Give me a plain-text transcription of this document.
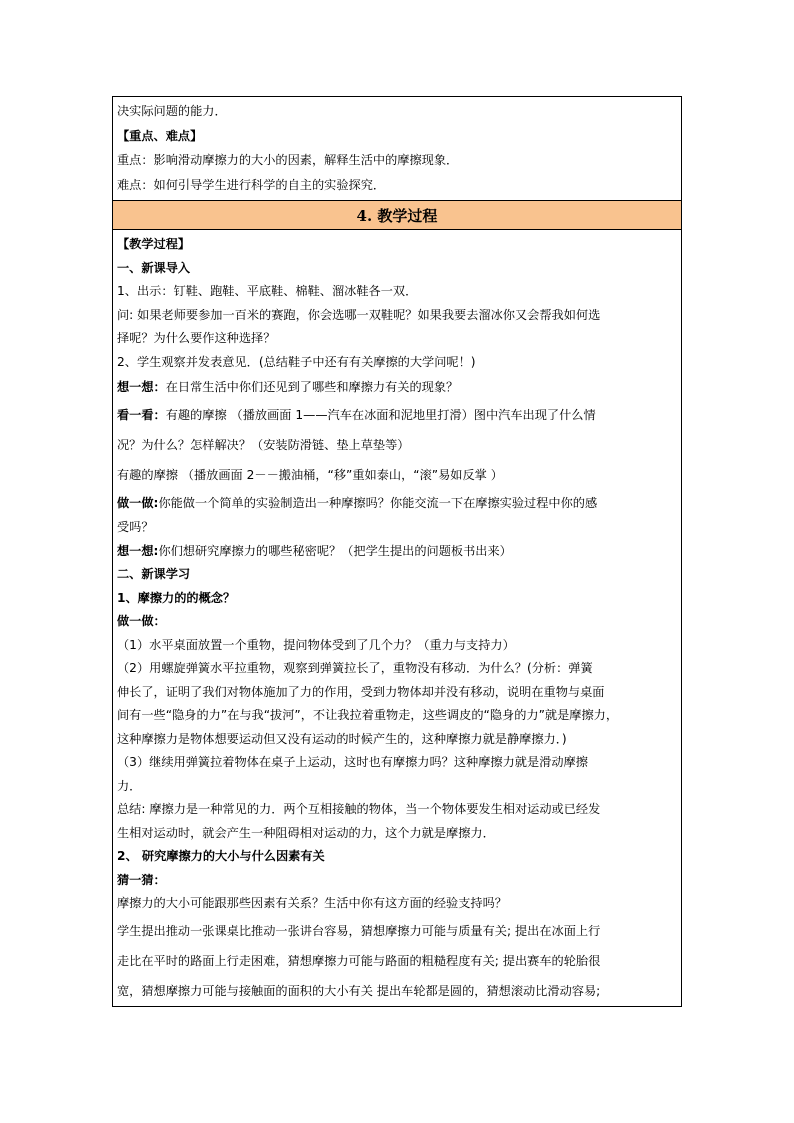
决实际问题的能力．
【重点、难点】
重点：影响滑动摩擦力的大小的因素，解释生活中的摩擦现象．
难点：如何引导学生进行科学的自主的实验探究．
4. 教学过程
【教学过程】
一、新课导入
1、出示：钉鞋、跑鞋、平底鞋、棉鞋、溜冰鞋各一双．
问: 如果老师要参加一百米的赛跑，你会选哪一双鞋呢？如果我要去溜冰你又会帮我如何选
择呢？为什么要作这种选择？
2、学生观察并发表意见．(总结鞋子中还有有关摩擦的大学问呢！)
想一想：在日常生活中你们还见到了哪些和摩擦力有关的现象？
看一看：有趣的摩擦 （播放画面 1——汽车在冰面和泥地里打滑）图中汽车出现了什么情
况？为什么？怎样解决？（安装防滑链、垫上草垫等）
有趣的摩擦 （播放画面 2－－搬油桶，“移”重如泰山，“滚”易如反掌 ）
做一做:你能做一个简单的实验制造出一种摩擦吗？你能交流一下在摩擦实验过程中你的感
受吗？
想一想:你们想研究摩擦力的哪些秘密呢？（把学生提出的问题板书出来）
二、新课学习
1、摩擦力的的概念？
做一做：
（1）水平桌面放置一个重物，提问物体受到了几个力？（重力与支持力）
（2）用螺旋弹簧水平拉重物，观察到弹簧拉长了，重物没有移动．为什么？(分析：弹簧
伸长了，证明了我们对物体施加了力的作用，受到力物体却并没有移动，说明在重物与桌面
间有一些“隐身的力”在与我“拔河”，不让我拉着重物走，这些调皮的“隐身的力”就是摩擦力，
这种摩擦力是物体想要运动但又没有运动的时候产生的，这种摩擦力就是静摩擦力．)
（3）继续用弹簧拉着物体在桌子上运动，这时也有摩擦力吗？这种摩擦力就是滑动摩擦
力．
总结: 摩擦力是一种常见的力．两个互相接触的物体，当一个物体要发生相对运动或已经发
生相对运动时，就会产生一种阻碍相对运动的力，这个力就是摩擦力．
2、 研究摩擦力的大小与什么因素有关
猜一猜：
摩擦力的大小可能跟那些因素有关系？生活中你有这方面的经验支持吗？
学生提出推动一张课桌比推动一张讲台容易，猜想摩擦力可能与质量有关; 提出在冰面上行
走比在平时的路面上行走困难，猜想摩擦力可能与路面的粗糙程度有关; 提出赛车的轮胎很
宽，猜想摩擦力可能与接触面的面积的大小有关 提出车轮都是圆的，猜想滚动比滑动容易;
